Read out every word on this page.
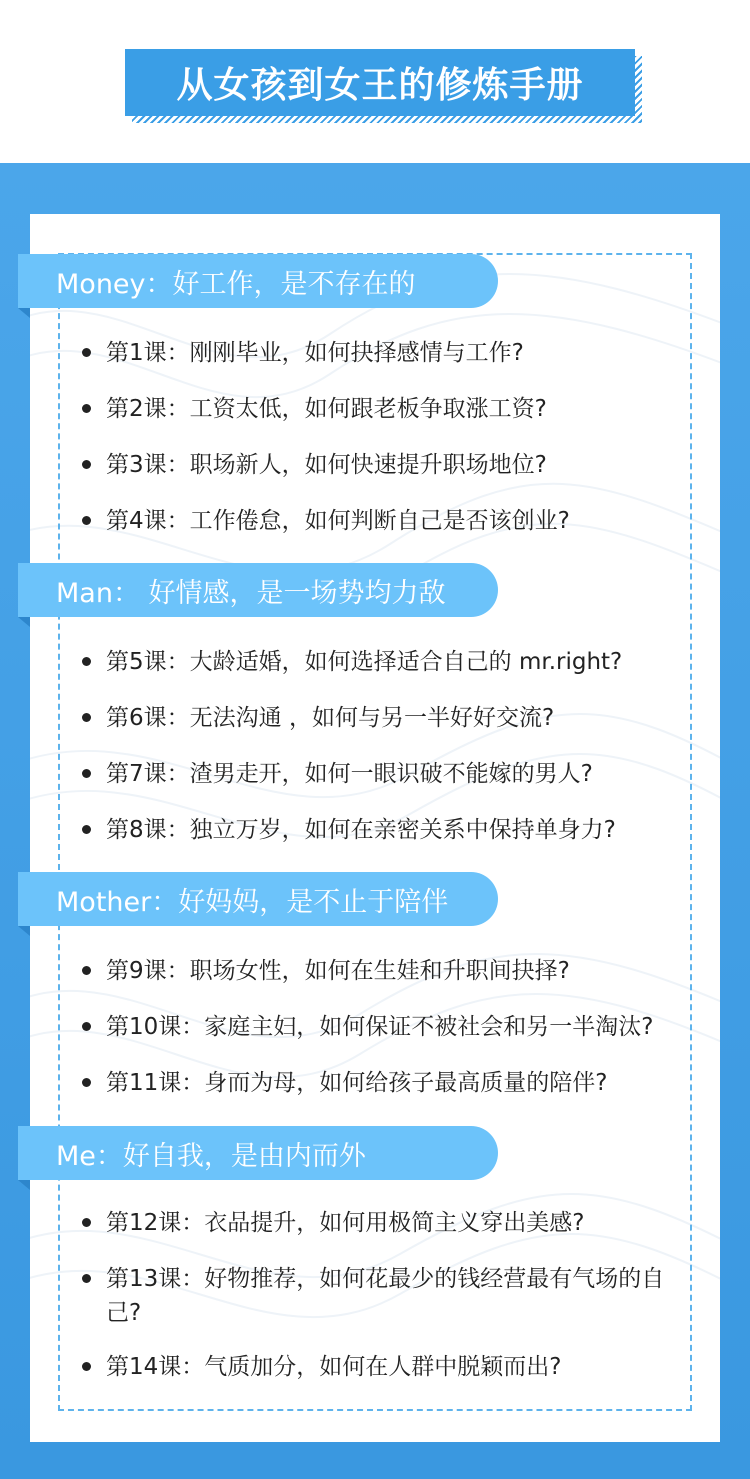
从女孩到女王的修炼手册
Money：好工作，是不存在的
第1课：刚刚毕业，如何抉择感情与工作?
第2课：工资太低，如何跟老板争取涨工资?
第3课：职场新人，如何快速提升职场地位?
第4课：工作倦怠，如何判断自己是否该创业?
Man： 好情感，是一场势均力敌
第5课：大龄适婚，如何选择适合自己的 mr.right?
第6课：无法沟通 ，如何与另一半好好交流?
第7课：渣男走开，如何一眼识破不能嫁的男人?
第8课：独立万岁，如何在亲密关系中保持单身力?
Mother：好妈妈，是不止于陪伴
第9课：职场女性，如何在生娃和升职间抉择?
第10课：家庭主妇，如何保证不被社会和另一半淘汰?
第11课：身而为母，如何给孩子最高质量的陪伴?
Me：好自我，是由内而外
第12课：衣品提升，如何用极简主义穿出美感?
第13课：好物推荐，如何花最少的钱经营最有气场的自己?
第14课：气质加分，如何在人群中脱颖而出?
